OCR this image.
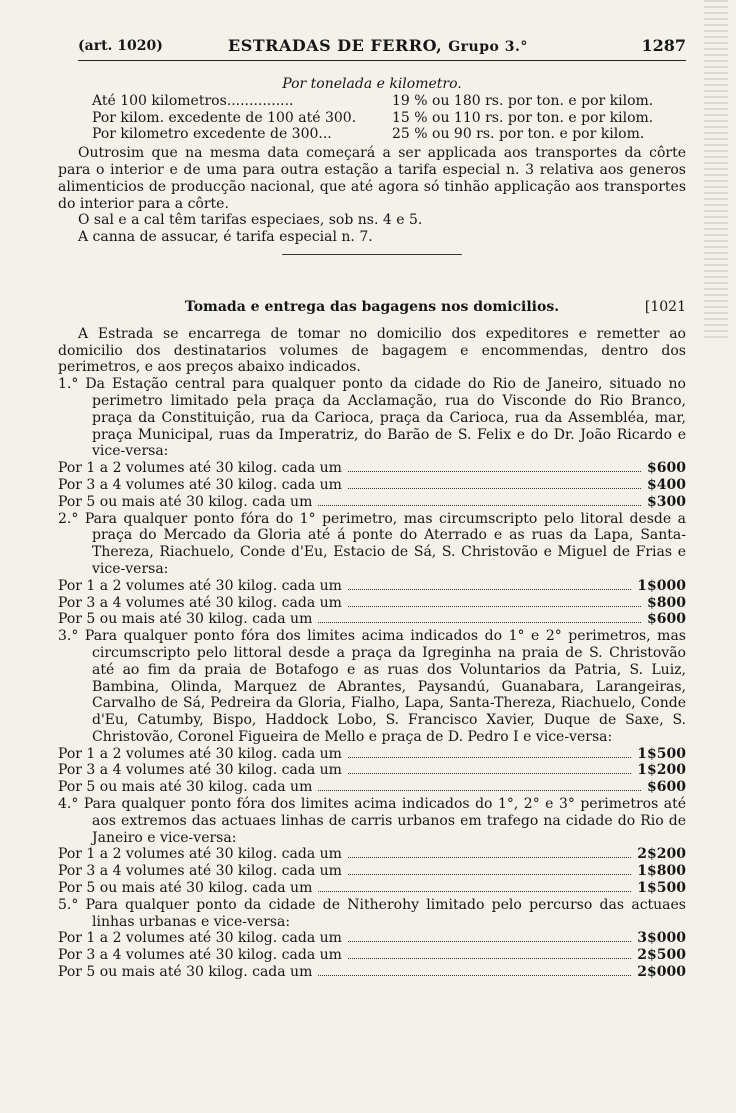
(art. 1020)	ESTRADAS DE FERRO, Grupo 3.°	1287
Por tonelada e kilometro.
Até 100 kilometros...............	19 % ou 180 rs. por ton. e por kilom.
Por kilom. excedente de 100 até 300.	15 % ou 110 rs. por ton. e por kilom.
Por kilometro excedente de 300...	25 % ou 90 rs. por ton. e por kilom.

Outrosim que na mesma data começará a ser applicada aos transportes da côrte para o interior e de uma para outra estação a tarifa especial n. 3 relativa aos generos alimenticios de producção nacional, que até agora só tinhão applicação aos transportes do interior para a côrte.

O sal e a cal têm tarifas especiaes, sob ns. 4 e 5.

A canna de assucar, é tarifa especial n. 7.

Tomada e entrega das bagagens nos domicilios.	[1021

A Estrada se encarrega de tomar no domicilio dos expeditores e remetter ao domicilio dos destinatarios volumes de bagagem e encommendas, dentro dos perimetros, e aos preços abaixo indicados.

1.° Da Estação central para qualquer ponto da cidade do Rio de Janeiro, situado no perimetro limitado pela praça da Acclamação, rua do Visconde do Rio Branco, praça da Constituição, rua da Carioca, praça da Carioca, rua da Assembléa, mar, praça Municipal, ruas da Imperatriz, do Barão de S. Felix e do Dr. João Ricardo e vice-versa:
Por 1 a 2 volumes até 30 kilog. cada um	$600
Por 3 a 4 volumes até 30 kilog. cada um	$400
Por 5 ou mais até 30 kilog. cada um	$300
2.° Para qualquer ponto fóra do 1° perimetro, mas circumscripto pelo litoral desde a praça do Mercado da Gloria até á ponte do Aterrado e as ruas da Lapa, Santa-Thereza, Riachuelo, Conde d'Eu, Estacio de Sá, S. Christovão e Miguel de Frias e vice-versa:
Por 1 a 2 volumes até 30 kilog. cada um	1$000
Por 3 a 4 volumes até 30 kilog. cada um	$800
Por 5 ou mais até 30 kilog. cada um	$600
3.° Para qualquer ponto fóra dos limites acima indicados do 1° e 2° perimetros, mas circumscripto pelo littoral desde a praça da Igreginha na praia de S. Christovão até ao fim da praia de Botafogo e as ruas dos Voluntarios da Patria, S. Luiz, Bambina, Olinda, Marquez de Abrantes, Paysandú, Guanabara, Larangeiras, Carvalho de Sá, Pedreira da Gloria, Fialho, Lapa, Santa-Thereza, Riachuelo, Conde d'Eu, Catumby, Bispo, Haddock Lobo, S. Francisco Xavier, Duque de Saxe, S. Christovão, Coronel Figueira de Mello e praça de D. Pedro I e vice-versa:
Por 1 a 2 volumes até 30 kilog. cada um	1$500
Por 3 a 4 volumes até 30 kilog. cada um	1$200
Por 5 ou mais até 30 kilog. cada um	$600
4.° Para qualquer ponto fóra dos limites acima indicados do 1°, 2° e 3° perimetros até aos extremos das actuaes linhas de carris urbanos em trafego na cidade do Rio de Janeiro e vice-versa:
Por 1 a 2 volumes até 30 kilog. cada um	2$200
Por 3 a 4 volumes até 30 kilog. cada um	1$800
Por 5 ou mais até 30 kilog. cada um	1$500
5.° Para qualquer ponto da cidade de Nitherohy limitado pelo percurso das actuaes linhas urbanas e vice-versa:
Por 1 a 2 volumes até 30 kilog. cada um	3$000
Por 3 a 4 volumes até 30 kilog. cada um	2$500
Por 5 ou mais até 30 kilog. cada um	2$000
